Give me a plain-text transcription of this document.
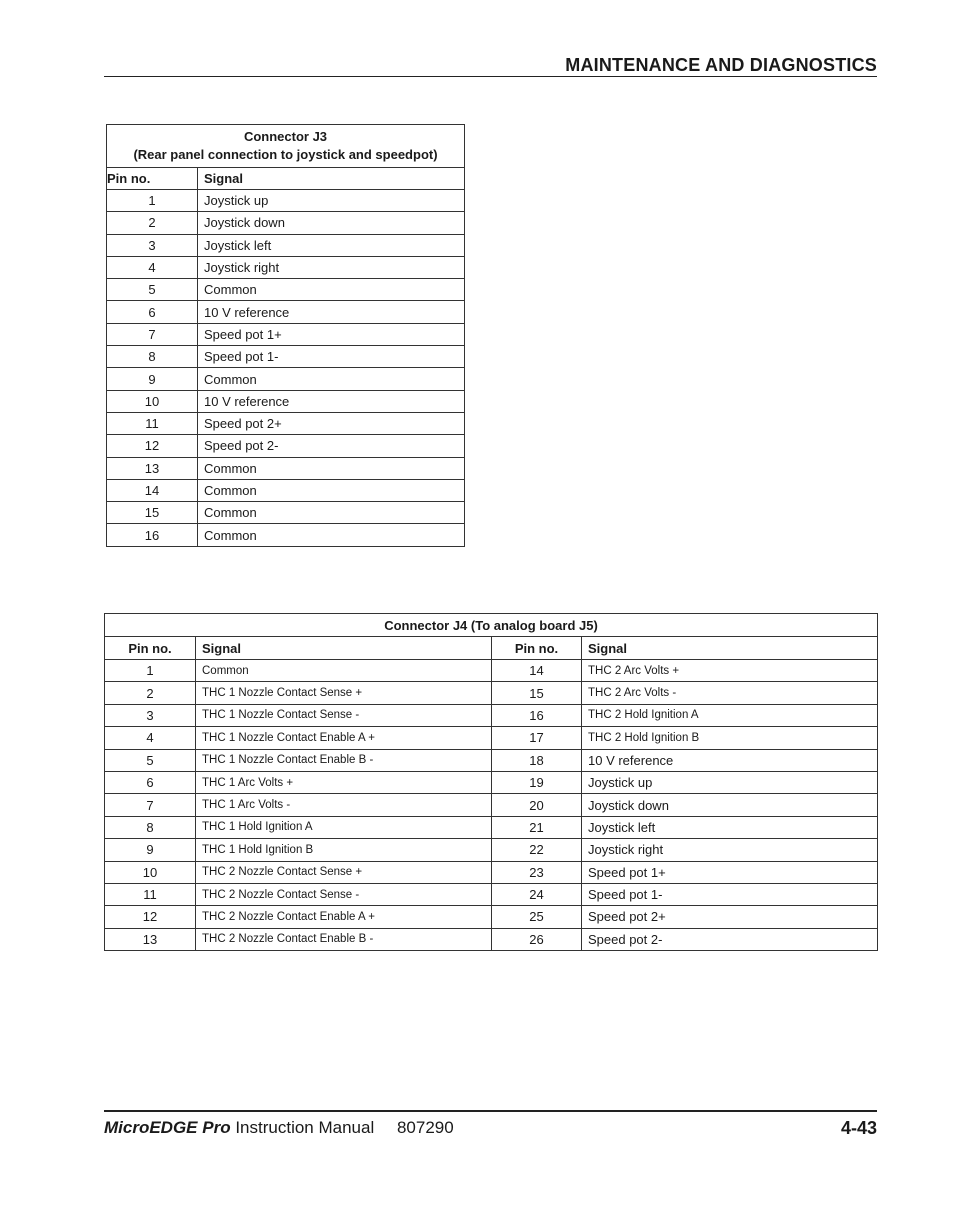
MAINTENANCE AND DIAGNOSTICS
Connector J3
(Rear panel connection to joystick and speedpot)	

Pin no.	Signal
1	Joystick up
2	Joystick down
3	Joystick left
4	Joystick right
5	Common
6	10 V reference
7	Speed pot 1+
8	Speed pot 1-
9	Common
10	10 V reference
11	Speed pot 2+
12	Speed pot 2-
13	Common
14	Common
15	Common
16	Common
Connector J4 (To analog board J5)			
Pin no.	Signal	Pin no.	Signal
1	Common	14	THC 2 Arc Volts +
2	THC 1 Nozzle Contact Sense +	15	THC 2 Arc Volts -
3	THC 1 Nozzle Contact Sense -	16	THC 2 Hold Ignition A
4	THC 1 Nozzle Contact Enable A +	17	THC 2 Hold Ignition B
5	THC 1 Nozzle Contact Enable B -	18	10 V reference
6	THC 1 Arc Volts +	19	Joystick up
7	THC 1 Arc Volts -	20	Joystick down
8	THC 1 Hold Ignition A	21	Joystick left
9	THC 1 Hold Ignition B	22	Joystick right
10	THC 2 Nozzle Contact Sense +	23	Speed pot 1+
11	THC 2 Nozzle Contact Sense -	24	Speed pot 1-
12	THC 2 Nozzle Contact Enable A +	25	Speed pot 2+
13	THC 2 Nozzle Contact Enable B -	26	Speed pot 2-
MicroEDGE Pro Instruction Manual 807290	4-43
